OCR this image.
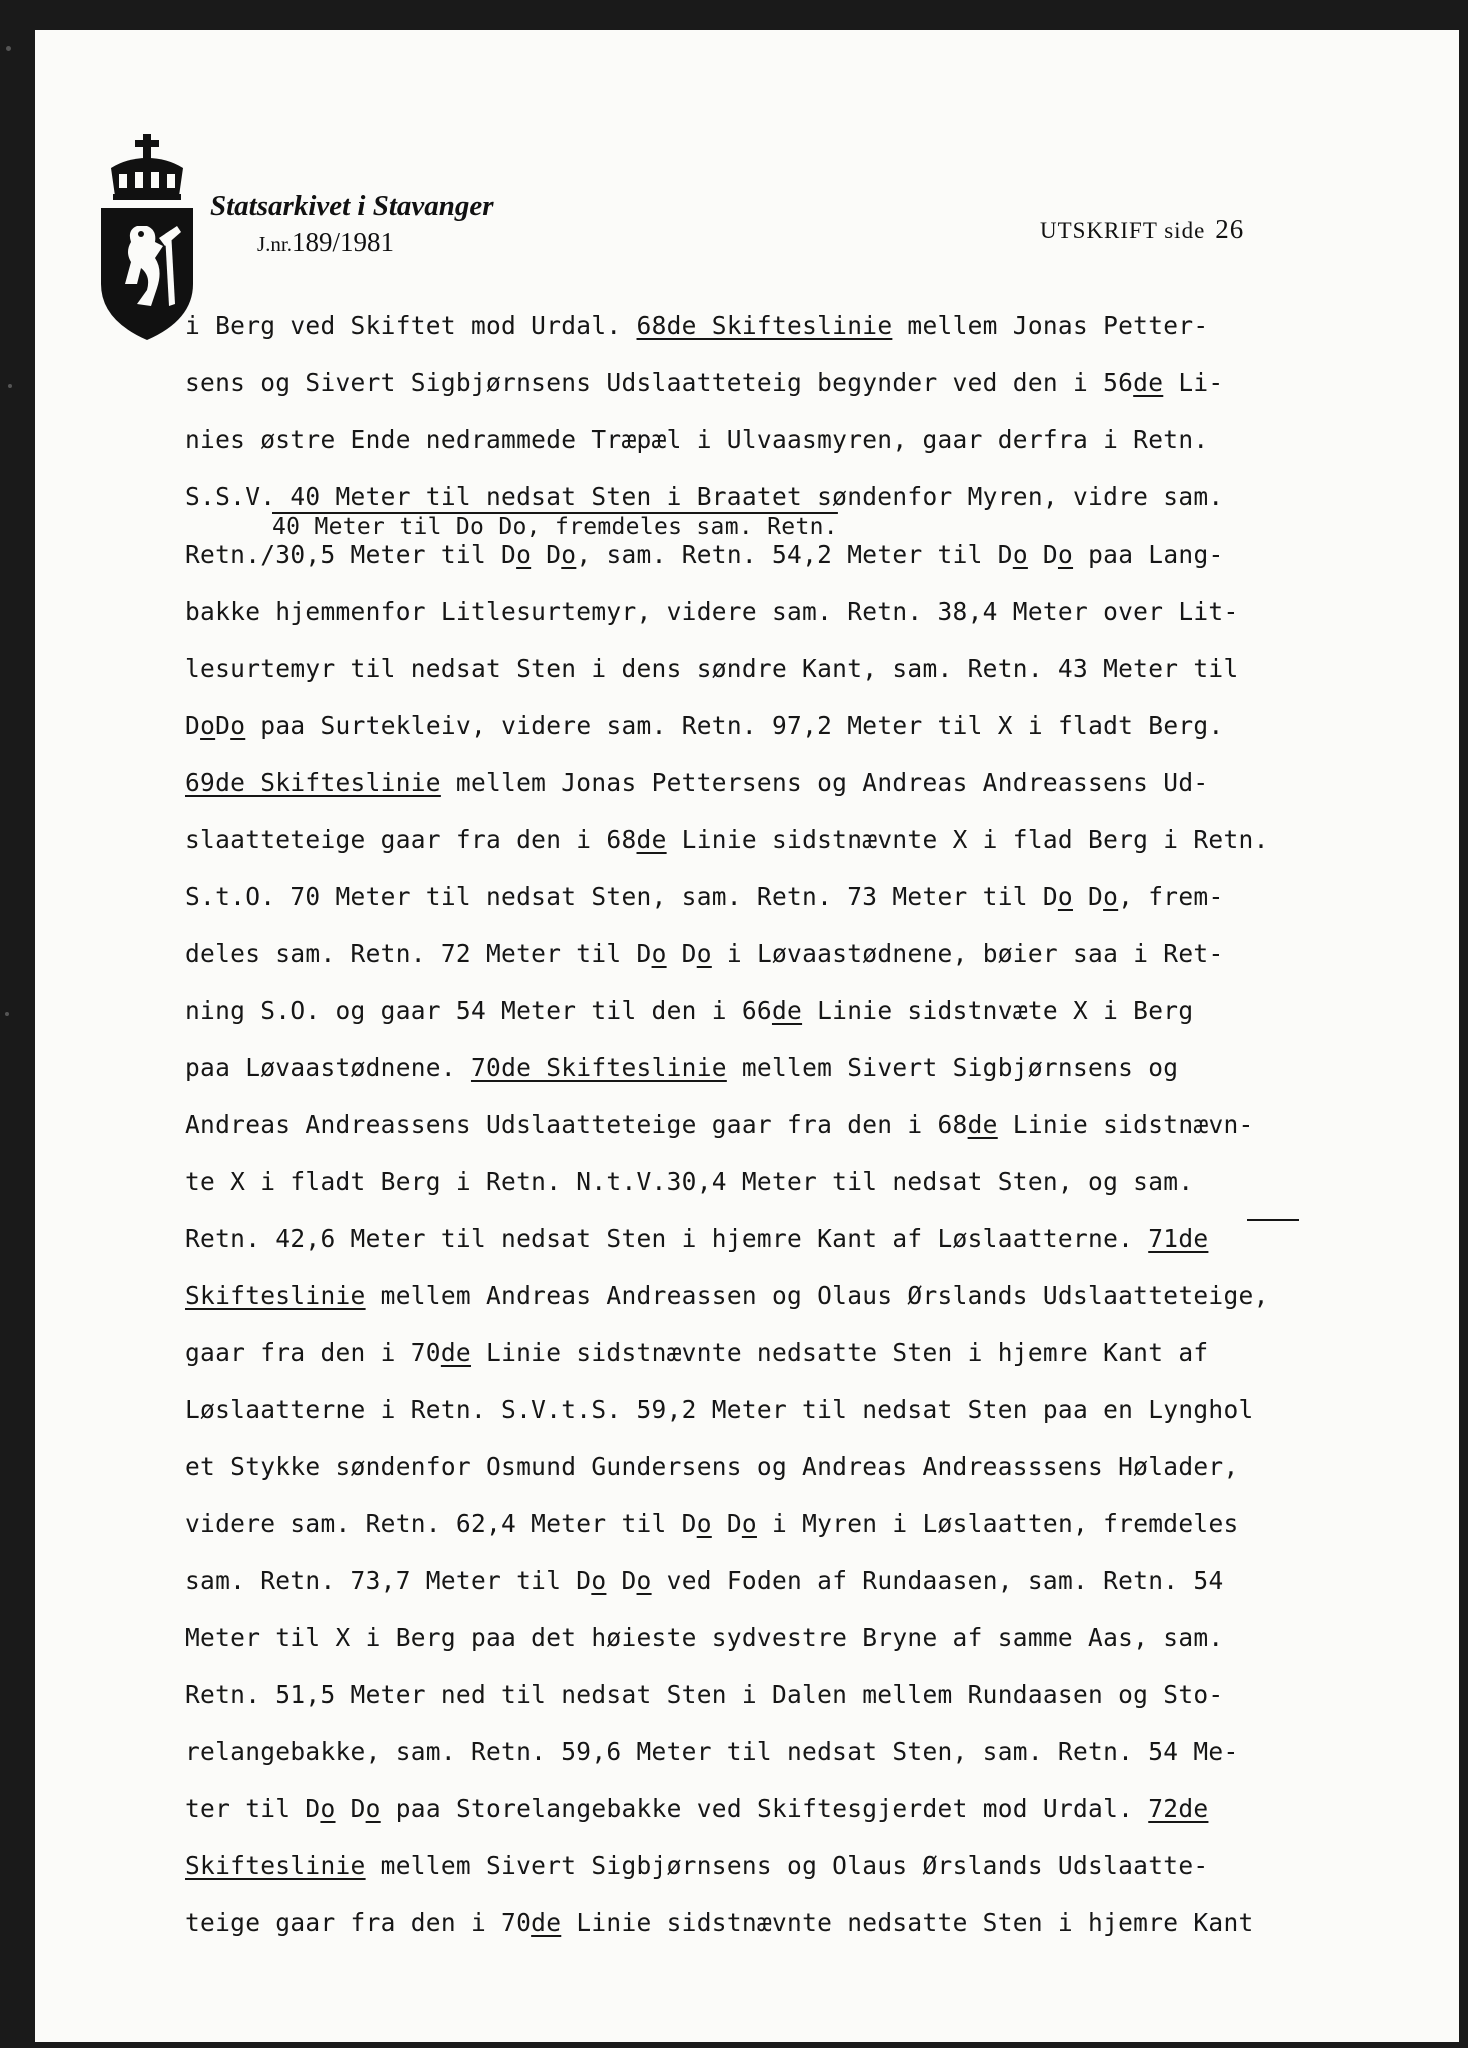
Statsarkivet i Stavanger
J.nr.189/1981	UTSKRIFT side 26
i Berg ved Skiftet mod Urdal. 68de Skifteslinie mellem Jonas Petter-
sens og Sivert Sigbjørnsens Udslaatteteig begynder ved den i 56de Li-
nies østre Ende nedrammede Træpæl i Ulvaasmyren, gaar derfra i Retn.
S.S.V. 40 Meter til nedsat Sten i Braatet søndenfor Myren, vidre sam.
40 Meter til Do Do, fremdeles sam. Retn.
Retn./30,5 Meter til Do Do, sam. Retn. 54,2 Meter til Do Do paa Lang-
bakke hjemmenfor Litlesurtemyr, videre sam. Retn. 38,4 Meter over Lit-
lesurtemyr til nedsat Sten i dens søndre Kant, sam. Retn. 43 Meter til
DoDo paa Surtekleiv, videre sam. Retn. 97,2 Meter til X i fladt Berg.
69de Skifteslinie mellem Jonas Pettersens og Andreas Andreassens Ud-
slaatteteige gaar fra den i 68de Linie sidstnævnte X i flad Berg i Retn.
S.t.O. 70 Meter til nedsat Sten, sam. Retn. 73 Meter til Do Do, frem-
deles sam. Retn. 72 Meter til Do Do i Løvaastødnene, bøier saa i Ret-
ning S.O. og gaar 54 Meter til den i 66de Linie sidstnvæte X i Berg
paa Løvaastødnene. 70de Skifteslinie mellem Sivert Sigbjørnsens og
Andreas Andreassens Udslaatteteige gaar fra den i 68de Linie sidstnævn-
te X i fladt Berg i Retn. N.t.V.30,4 Meter til nedsat Sten, og sam.
Retn. 42,6 Meter til nedsat Sten i hjemre Kant af Løslaatterne. 71de
Skifteslinie mellem Andreas Andreassen og Olaus Ørslands Udslaatteteige,
gaar fra den i 70de Linie sidstnævnte nedsatte Sten i hjemre Kant af
Løslaatterne i Retn. S.V.t.S. 59,2 Meter til nedsat Sten paa en Lynghol
et Stykke søndenfor Osmund Gundersens og Andreas Andreasssens Hølader,
videre sam. Retn. 62,4 Meter til Do Do i Myren i Løslaatten, fremdeles
sam. Retn. 73,7 Meter til Do Do ved Foden af Rundaasen, sam. Retn. 54
Meter til X i Berg paa det høieste sydvestre Bryne af samme Aas, sam.
Retn. 51,5 Meter ned til nedsat Sten i Dalen mellem Rundaasen og Sto-
relangebakke, sam. Retn. 59,6 Meter til nedsat Sten, sam. Retn. 54 Me-
ter til Do Do paa Storelangebakke ved Skiftesgjerdet mod Urdal. 72de
Skifteslinie mellem Sivert Sigbjørnsens og Olaus Ørslands Udslaatte-
teige gaar fra den i 70de Linie sidstnævnte nedsatte Sten i hjemre Kant
